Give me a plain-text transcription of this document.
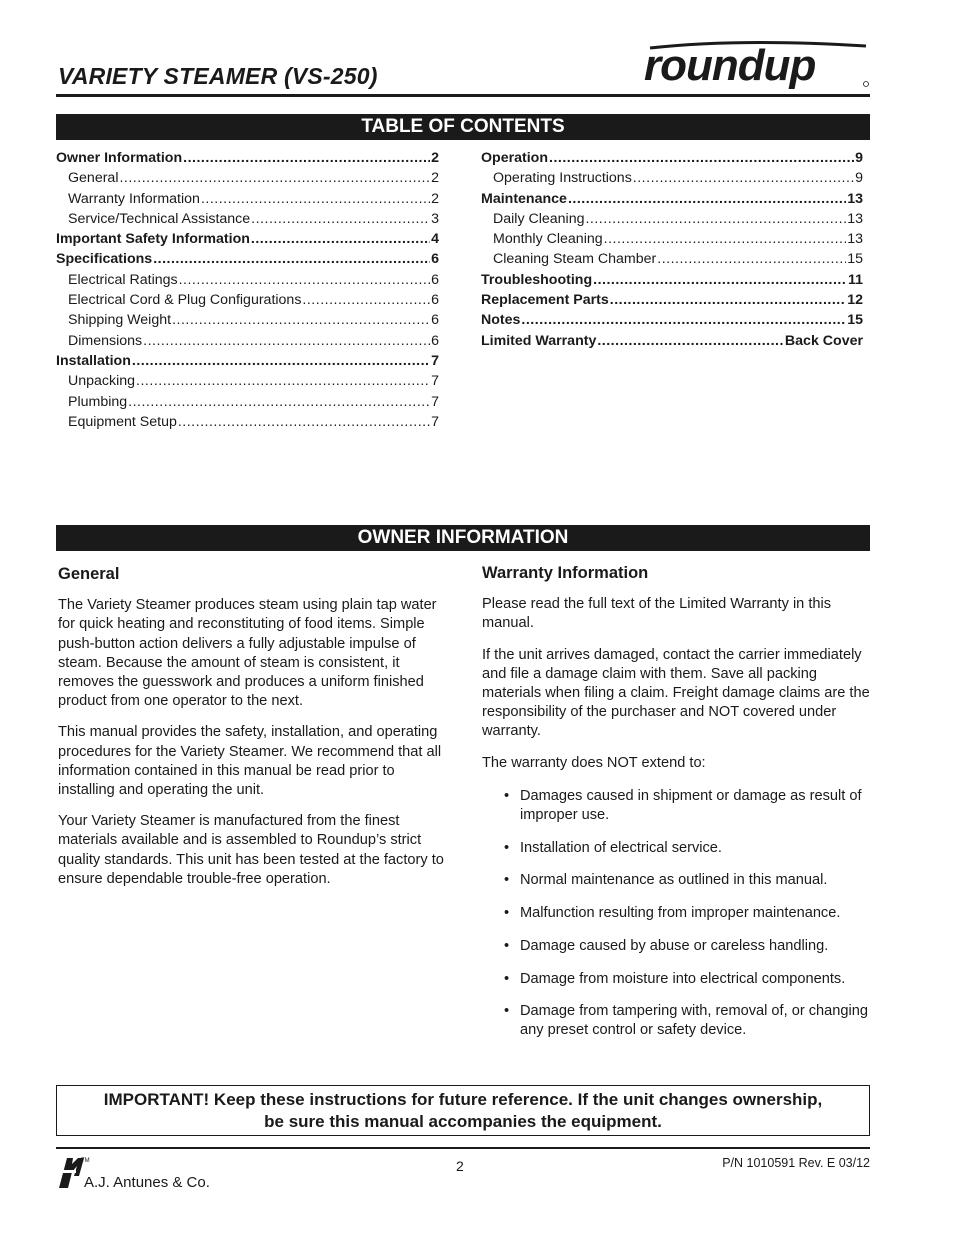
VARIETY STEAMER (VS-250)	roundup
TABLE OF CONTENTS
Owner Information .....	2
General .....	2
Warranty Information .....	2
Service/Technical Assistance .....	3
Important Safety Information .....	4
Specifications .....	6
Electrical Ratings .....	6
Electrical Cord & Plug Configurations .....	6
Shipping Weight .....	6
Dimensions .....	6
Installation .....	7
Unpacking .....	7
Plumbing .....	7
Equipment Setup .....	7
Operation .....	9
Operating Instructions .....	9
Maintenance .....	13
Daily Cleaning .....	13
Monthly Cleaning .....	13
Cleaning Steam Chamber .....	15
Troubleshooting .....	11
Replacement Parts .....	12
Notes .....	15
Limited Warranty .....	Back Cover
OWNER INFORMATION
General

The Variety Steamer produces steam using plain tap water for quick heating and reconstituting of food items. Simple push-button action delivers a fully adjustable impulse of steam. Because the amount of steam is consistent, it removes the guesswork and produces a uniform finished product from one operator to the next.

This manual provides the safety, installation, and operating procedures for the Variety Steamer. We recommend that all information contained in this manual be read prior to installing and operating the unit.

Your Variety Steamer is manufactured from the finest materials available and is assembled to Roundup’s strict quality standards. This unit has been tested at the factory to ensure dependable trouble-free operation.

Warranty Information

Please read the full text of the Limited Warranty in this manual.

If the unit arrives damaged, contact the carrier immediately and file a damage claim with them. Save all packing materials when filing a claim. Freight damage claims are the responsibility of the purchaser and NOT covered under warranty.

The warranty does NOT extend to:

• Damages caused in shipment or damage as result of improper use.
• Installation of electrical service.
• Normal maintenance as outlined in this manual.
• Malfunction resulting from improper maintenance.
• Damage caused by abuse or careless handling.
• Damage from moisture into electrical components.
• Damage from tampering with, removal of, or changing any preset control or safety device.
IMPORTANT! Keep these instructions for future reference. If the unit changes ownership,
be sure this manual accompanies the equipment.
TM
A.J. Antunes & Co.
2	P/N 1010591 Rev. E 03/12
